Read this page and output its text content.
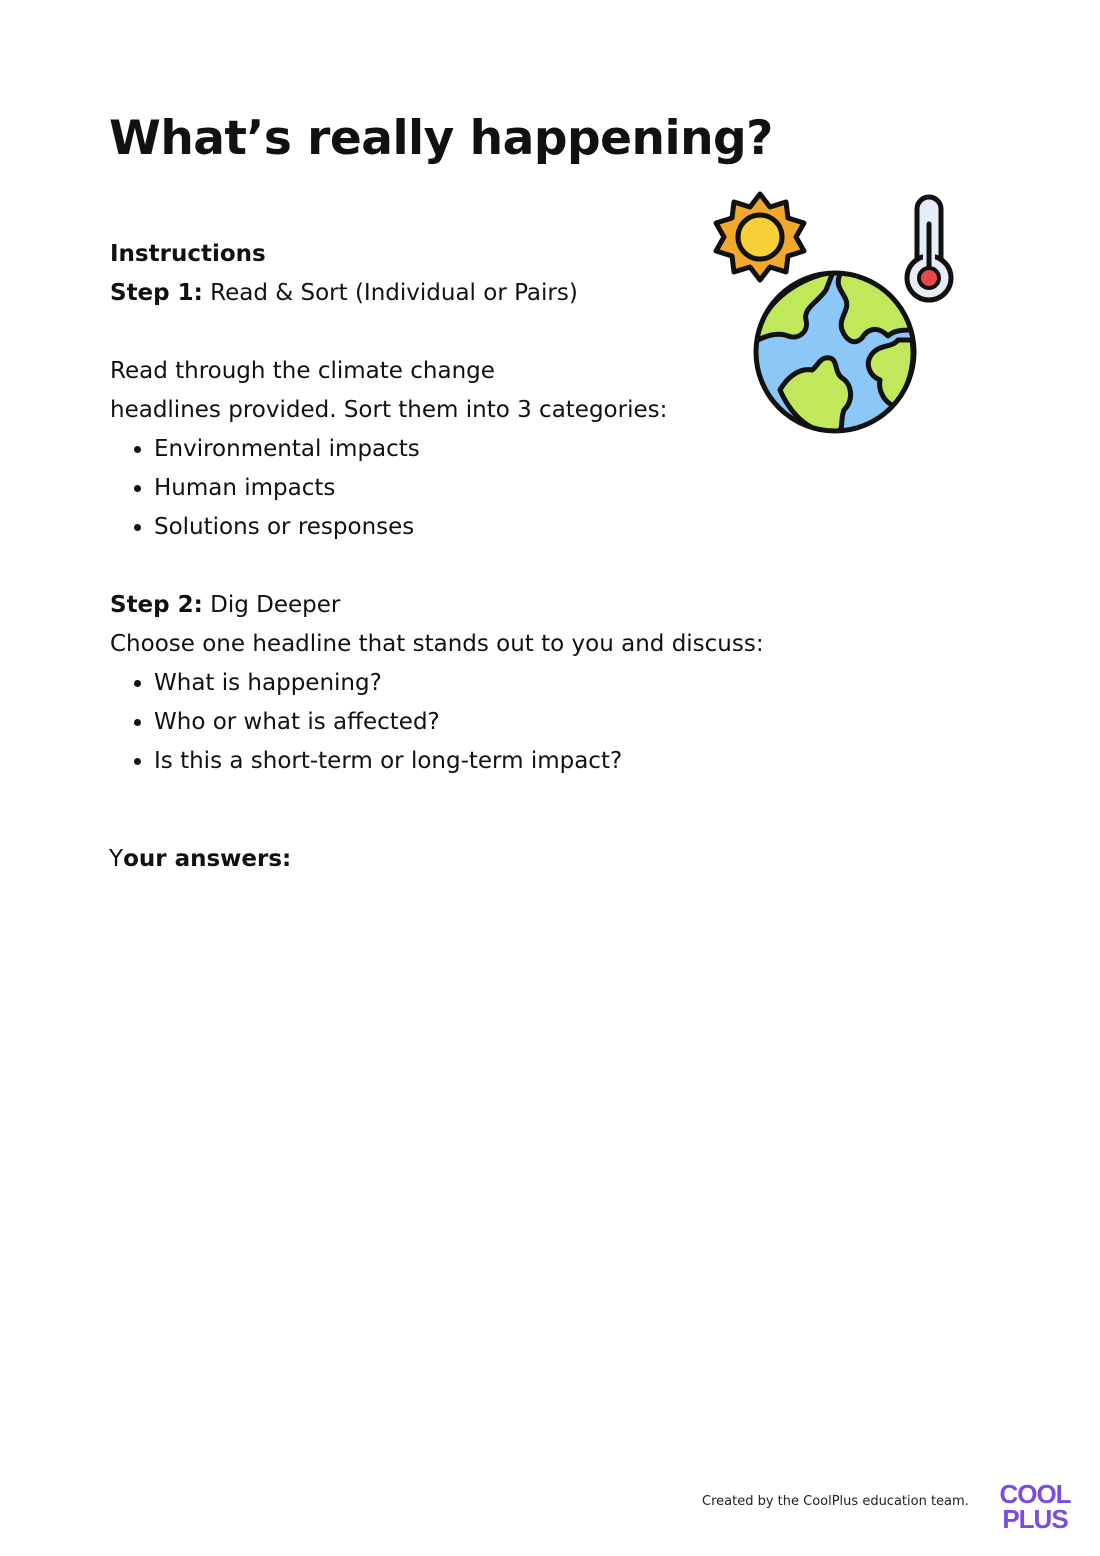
What’s really happening?

Instructions

Step 1: Read & Sort (Individual or Pairs)

Read through the climate change

headlines provided. Sort them into 3 categories:

• Environmental impacts
• Human impacts
• Solutions or responses

Step 2: Dig Deeper

Choose one headline that stands out to you and discuss:

• What is happening?
• Who or what is affected?
• Is this a short-term or long-term impact?

Your answers:

Created by the CoolPlus education team. COOL
PLUS
